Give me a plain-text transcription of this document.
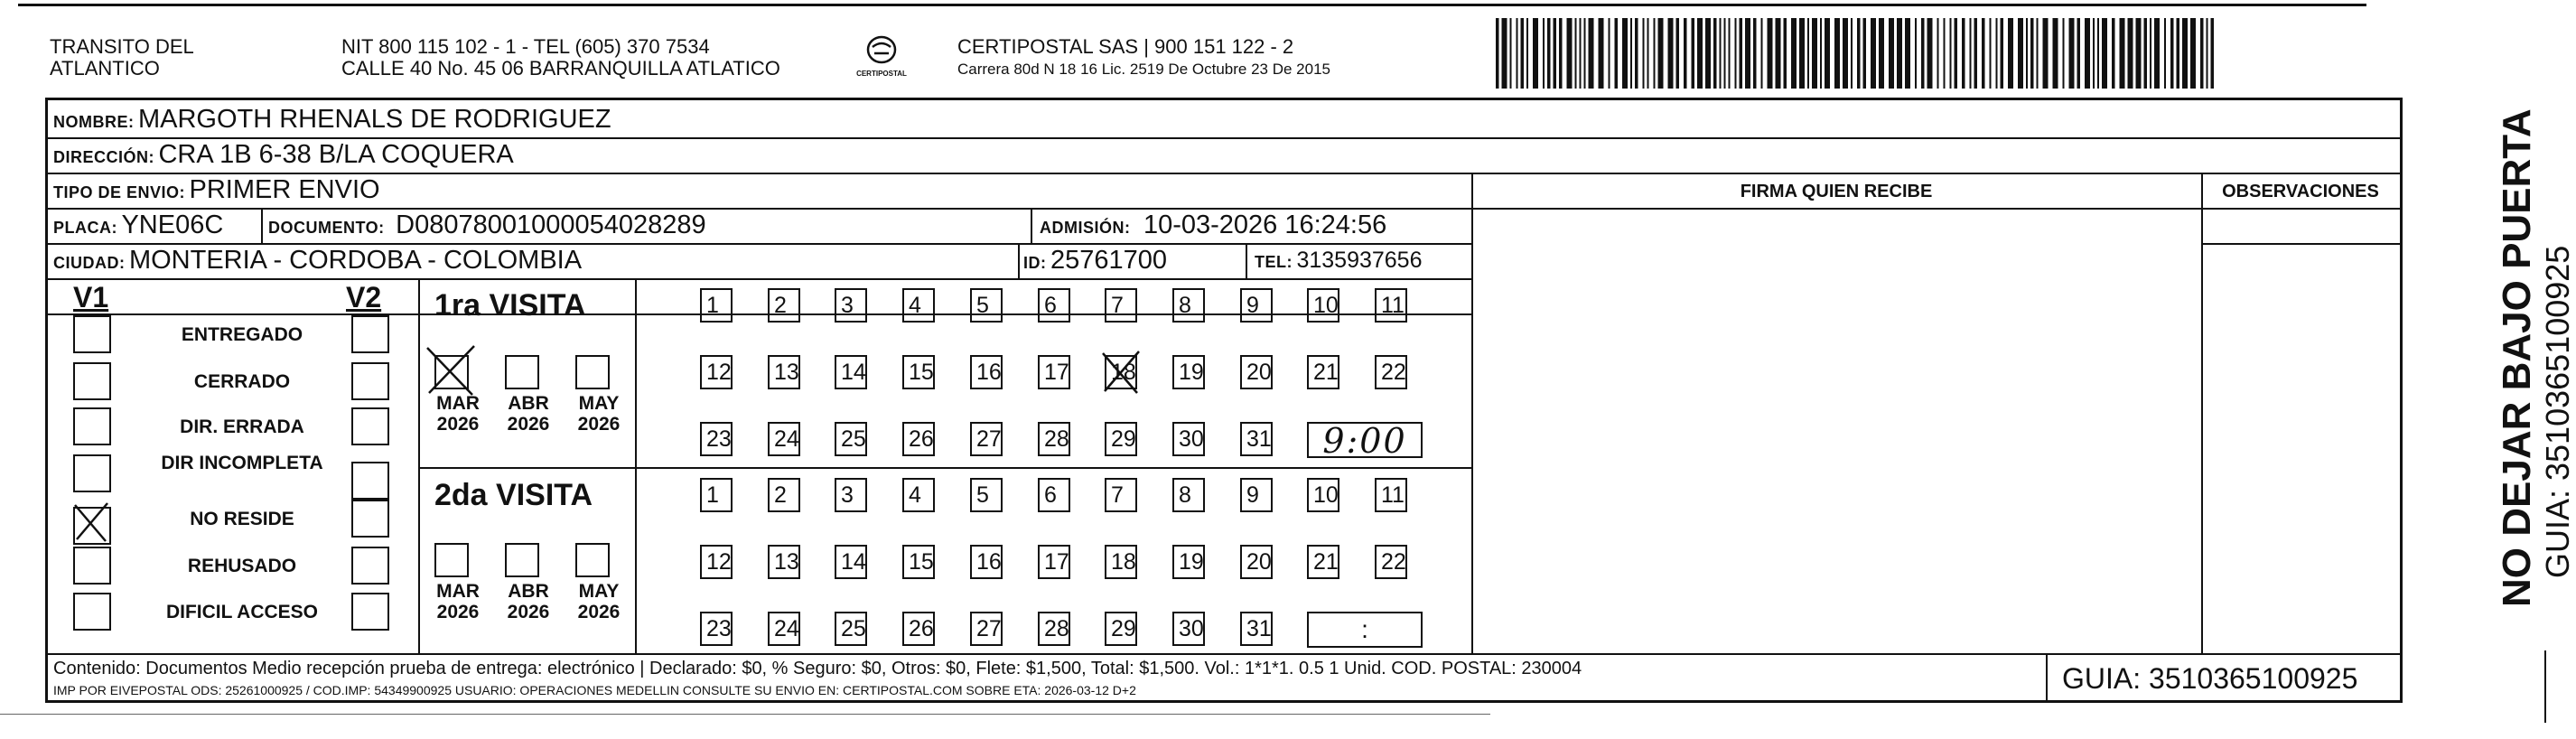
TRANSITO DEL
ATLANTICO
NIT 800 115 102 - 1 - TEL (605) 370 7534
CALLE 40 No. 45 06 BARRANQUILLA ATLATICO	CERTIPOSTAL
CERTIPOSTAL SAS | 900 151 122 - 2
Carrera 80d N 18 16 Lic. 2519 De Octubre 23 De 2015
NOMBRE: MARGOTH RHENALS DE RODRIGUEZ
DIRECCIÓN: CRA 1B 6-38 B/LA COQUERA
TIPO DE ENVIO: PRIMER ENVIO	FIRMA QUIEN RECIBE	OBSERVACIONES
PLACA: YNE06C	DOCUMENTO: D08078001000054028289	ADMISIÓN: 10-03-2026 16:24:56
CIUDAD: MONTERIA - CORDOBA - COLOMBIA	ID: 25761700	TEL: 3135937656
V1	V2
ENTREGADO
CERRADO
DIR. ERRADA
DIR INCOMPLETA
NO RESIDE
REHUSADO
DIFICIL ACCESO
1ra VISITA
MAR
2026
ABR
2026
MAY
2026
1	2	3	4	5	6	7	8	9	10 11
12 13 14 15 16 17 18 19 20 21 22
23 24 25 26 27 28 29 30 31	9:00
2da VISITA
MAR
2026
ABR
2026
MAY
2026
1	2	3	4	5	6	7	8	9	10 11
12 13 14 15 16 17 18 19 20 21 22
23 24 25 26 27 28 29 30 31	:
Contenido: Documentos Medio recepción prueba de entrega: electrónico | Declarado: $0, % Seguro: $0, Otros: $0, Flete: $1,500, Total: $1,500. Vol.: 1*1*1. 0.5 1 Unid. COD. POSTAL: 230004
IMP POR EIVEPOSTAL ODS: 25261000925 / COD.IMP: 54349900925 USUARIO: OPERACIONES MEDELLIN CONSULTE SU ENVIO EN: CERTIPOSTAL.COM SOBRE ETA: 2026-03-12 D+2	GUIA: 3510365100925
NO DEJAR BAJO PUERTA GUIA: 3510365100925
